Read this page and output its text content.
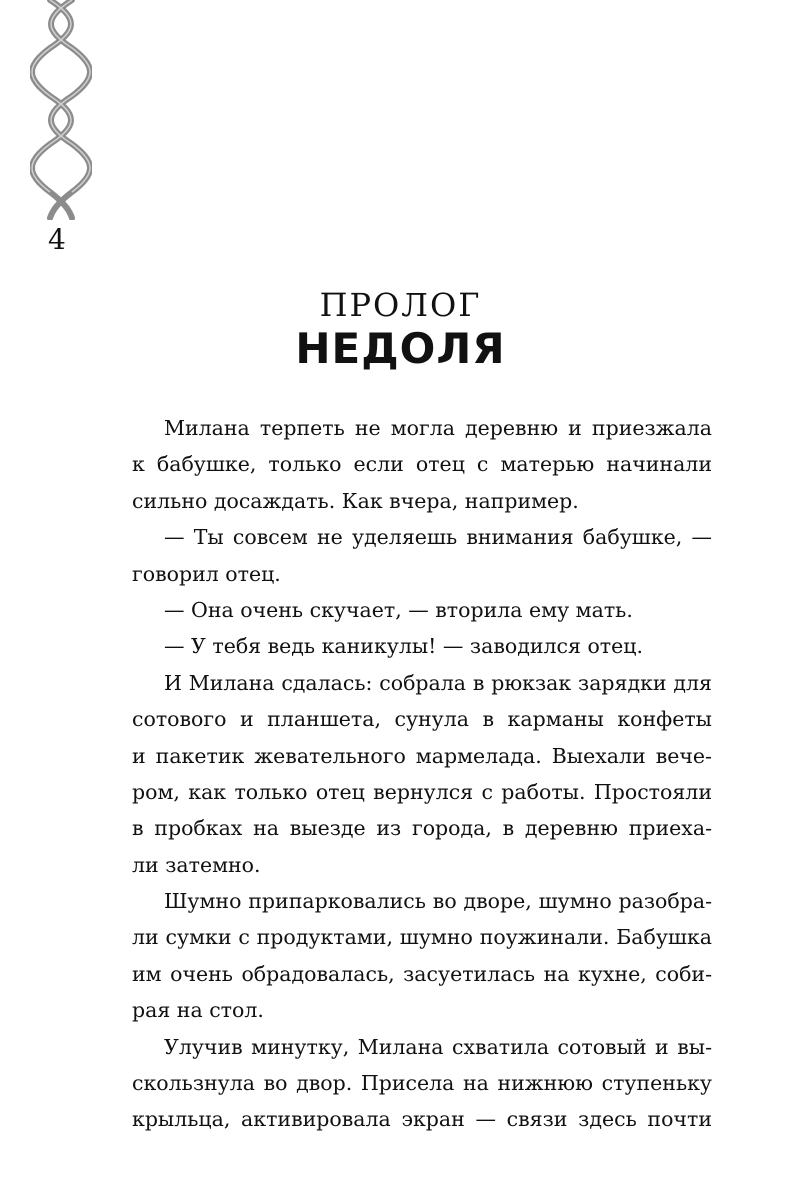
4
ПРОЛОГ
НЕДОЛЯ
Милана терпеть не могла деревню и приезжала
к бабушке, только если отец с матерью начинали
сильно досаждать. Как вчера, например.
— Ты совсем не уделяешь внимания бабушке, —
говорил отец.
— Она очень скучает, — вторила ему мать.
— У тебя ведь каникулы! — заводился отец.
И Милана сдалась: собрала в рюкзак зарядки для
сотового и планшета, сунула в карманы конфеты
и пакетик жевательного мармелада. Выехали вече-
ром, как только отец вернулся с работы. Простояли
в пробках на выезде из города, в деревню приеха-
ли затемно.
Шумно припарковались во дворе, шумно разобра-
ли сумки с продуктами, шумно поужинали. Бабушка
им очень обрадовалась, засуетилась на кухне, соби-
рая на стол.
Улучив минутку, Милана схватила сотовый и вы-
скользнула во двор. Присела на нижнюю ступеньку
крыльца, активировала экран — связи здесь почти
